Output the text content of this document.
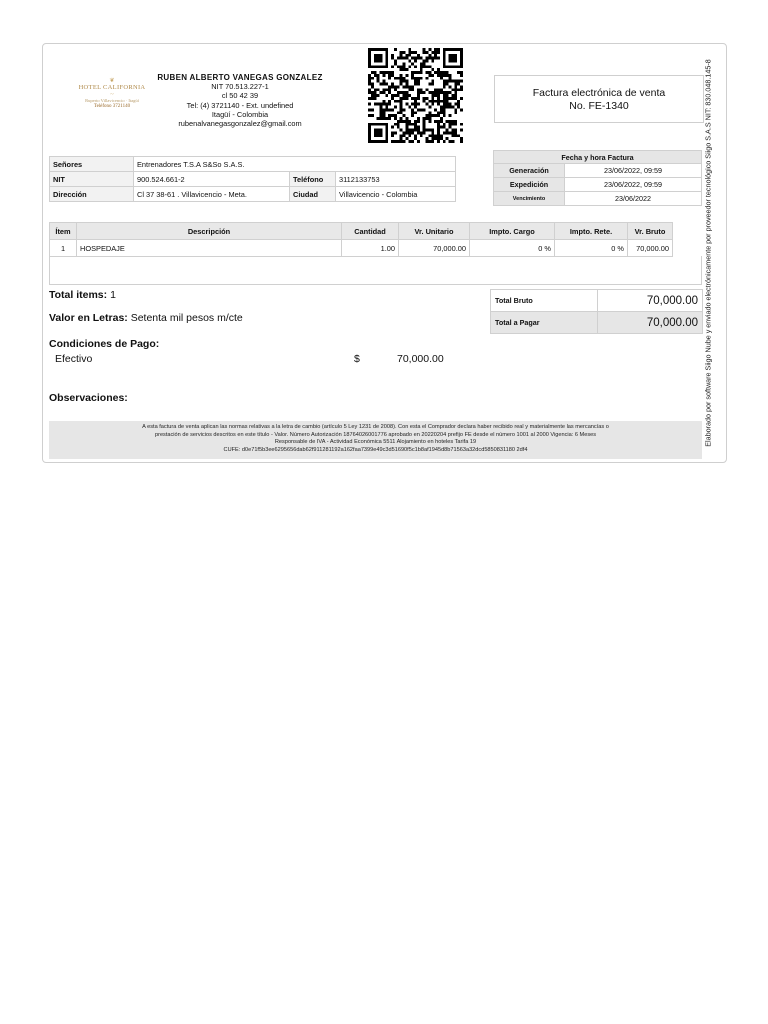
Elaborado por software Siigo Nube y enviado electrónicamente por proveedor tecnológico Siigo S.A.S NIT: 830.048.145-8
❦
HOTEL CALIFORNIA
~
Ruperto Villavicencio · Itagüí
Teléfono 3721140
RUBEN ALBERTO VANEGAS GONZALEZ
NIT 70.513.227-1
cl 50 42 39
Tel: (4) 3721140 - Ext. undefined
Itagüí - Colombia
rubenalvanegasgonzalez@gmail.com
Factura electrónica de venta
No. FE-1340
Señores	Entrenadores T.S.A S&So S.A.S.		
NIT	900.524.661-2	Teléfono	3112133753
Dirección	Cl 37 38-61 . Villavicencio - Meta.	Ciudad	Villavicencio - Colombia
Fecha y hora Factura	
Generación	23/06/2022, 09:59
Expedición	23/06/2022, 09:59
Vencimiento	23/06/2022
Ítem	Descripción	Cantidad	Vr. Unitario	Impto. Cargo	Impto. Rete.	Vr. Bruto
1	HOSPEDAJE	1.00	70,000.00	0 %	0 %	70,000.00
Total items: 1
Valor en Letras: Setenta mil pesos m/cte
Condiciones de Pago:
Efectivo	$	70,000.00
Total Bruto	70,000.00
Total a Pagar	70,000.00
Observaciones:
A esta factura de venta aplican las normas relativas a la letra de cambio (artículo 5 Ley 1231 de 2008). Con esta el Comprador declara haber recibido real y materialmente las mercancías o
prestación de servicios descritos en este título - Valor. Número Autorización 18764026001776 aprobado en 20220204 prefijo FE desde el número 1001 al 2000 Vigencia: 6 Meses
Responsable de IVA - Actividad Económica 5511 Alojamiento en hoteles Tarifa 19
CUFE: d0e71f5b3ee6295656dab62f911281192a162faa7399e49c3d51690f5c1b8af1945d8b71563a32dcd5850831180 2df4
